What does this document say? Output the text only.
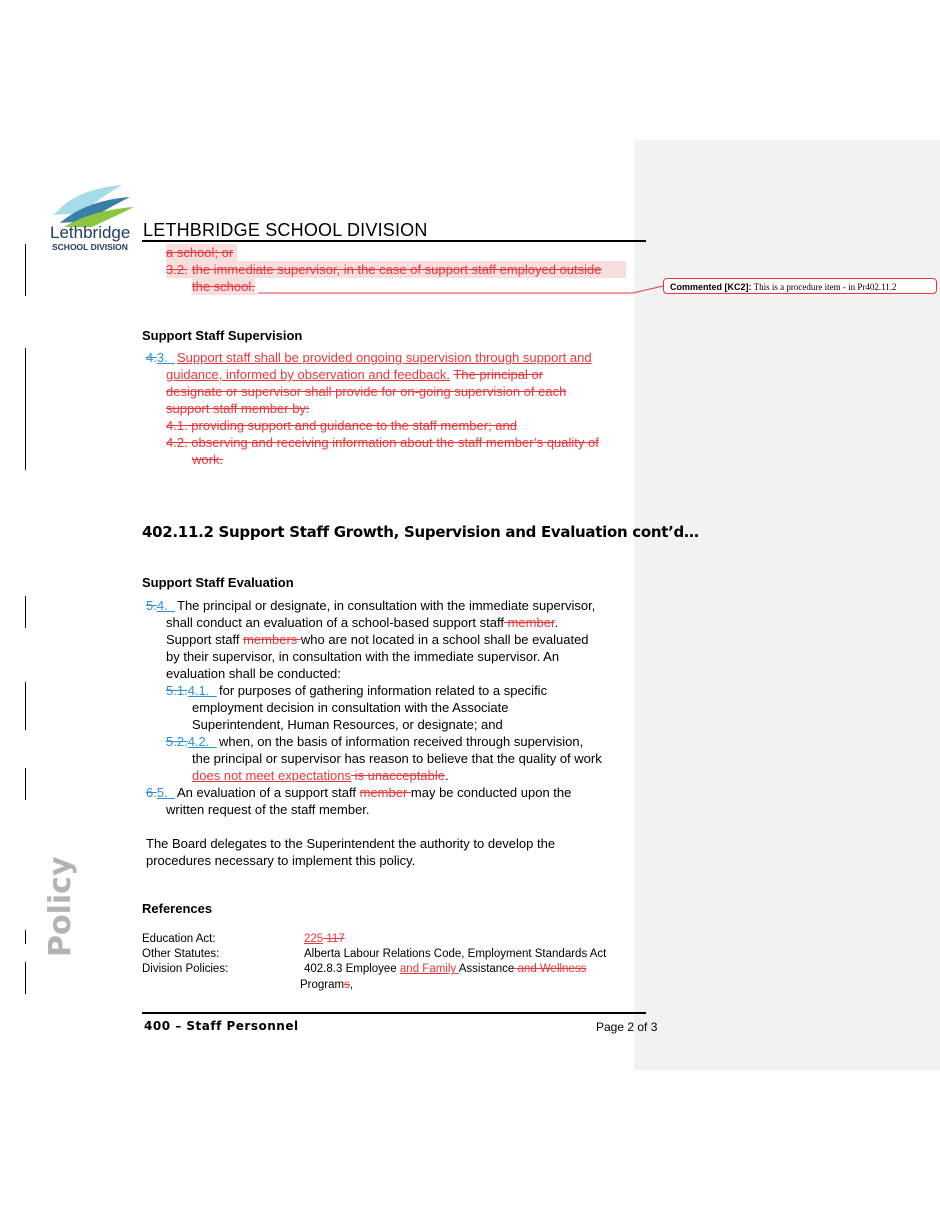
Lethbridge
SCHOOL DIVISION
LETHBRIDGE SCHOOL DIVISION
a school; or
3.2. the immediate supervisor, in the case of support staff employed outside
the school.	Commented [KC2]: This is a procedure item - in Pr402.11.2
Support Staff Supervision
4.3. Support staff shall be provided ongoing supervision through support and
guidance, informed by observation and feedback. The principal or
designate or supervisor shall provide for on-going supervision of each
support staff member by:
4.1. providing support and guidance to the staff member; and
4.2. observing and receiving information about the staff member’s quality of
work.
402.11.2 Support Staff Growth, Supervision and Evaluation cont’d…
Support Staff Evaluation
5.4. The principal or designate, in consultation with the immediate supervisor,
shall conduct an evaluation of a school-based support staff member.
Support staff members who are not located in a school shall be evaluated
by their supervisor, in consultation with the immediate supervisor. An
evaluation shall be conducted:
5.1.4.1. for purposes of gathering information related to a specific
employment decision in consultation with the Associate
Superintendent, Human Resources, or designate; and
5.2.4.2. when, on the basis of information received through supervision,
the principal or supervisor has reason to believe that the quality of work
does not meet expectations is unacceptable.
6.5. An evaluation of a support staff member may be conducted upon the
written request of the staff member.
The Board delegates to the Superintendent the authority to develop the
procedures necessary to implement this policy.
Policy	References
Education Act:	225 117
Other Statutes:	Alberta Labour Relations Code, Employment Standards Act
Division Policies:	402.8.3 Employee and Family Assistance and Wellness
Programs,
400 – Staff Personnel	Page 2 of 3
